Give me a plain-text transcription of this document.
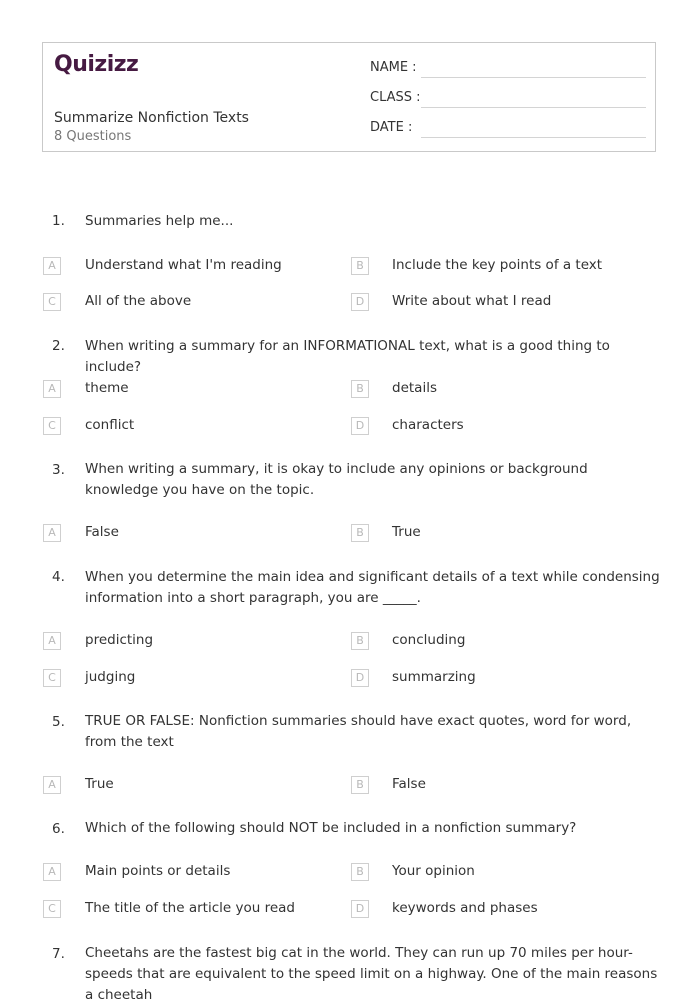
Quizizz
Summarize Nonfiction Texts
8 Questions
NAME :
CLASS :
DATE :
1. Summaries help me...
A	Understand what I'm reading	B	Include the key points of a text
C	All of the above	D	Write about what I read
2. When writing a summary for an INFORMATIONAL text, what is a good thing to include?
A	theme	B	details
C	conflict	D	characters
3. When writing a summary, it is okay to include any opinions or background knowledge you have on the topic.
A	False	B	True
4. When you determine the main idea and significant details of a text while condensing information into a short paragraph, you are _____.
A	predicting	B	concluding
C	judging	D	summarzing
5. TRUE OR FALSE: Nonfiction summaries should have exact quotes, word for word, from the text
A	True	B	False
6. Which of the following should NOT be included in a nonfiction summary?
A	Main points or details	B	Your opinion
C	The title of the article you read	D	keywords and phases
7. Cheetahs are the fastest big cat in the world. They can run up 70 miles per hour- speeds that are equivalent to the speed limit on a highway. One of the main reasons a cheetah
